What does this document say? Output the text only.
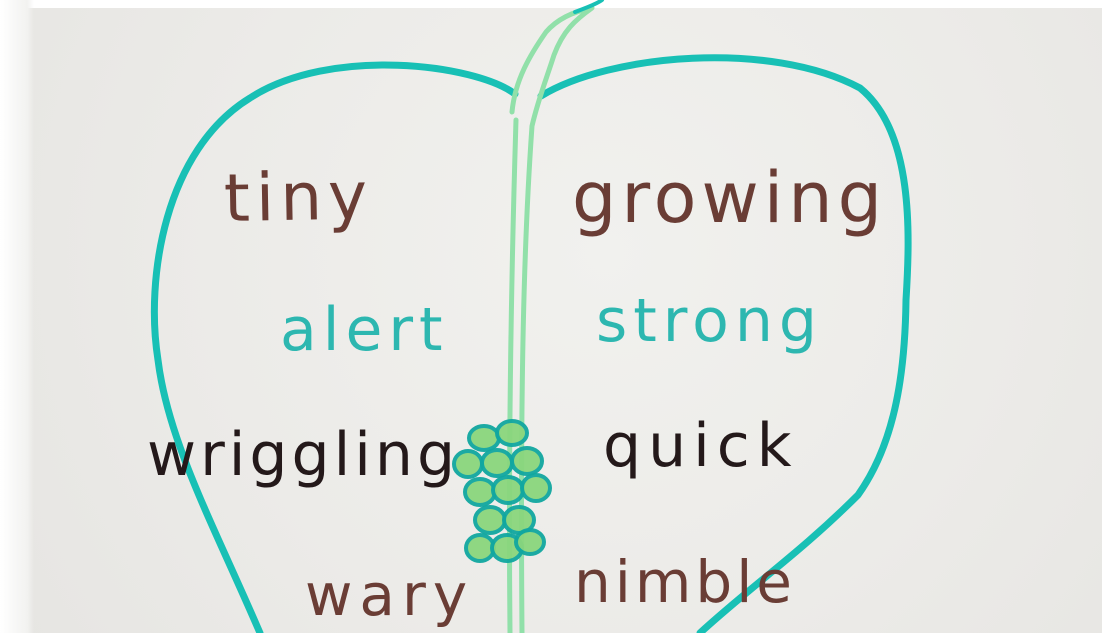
tiny	growing
alert strong
wriggling quick
wary nimble
